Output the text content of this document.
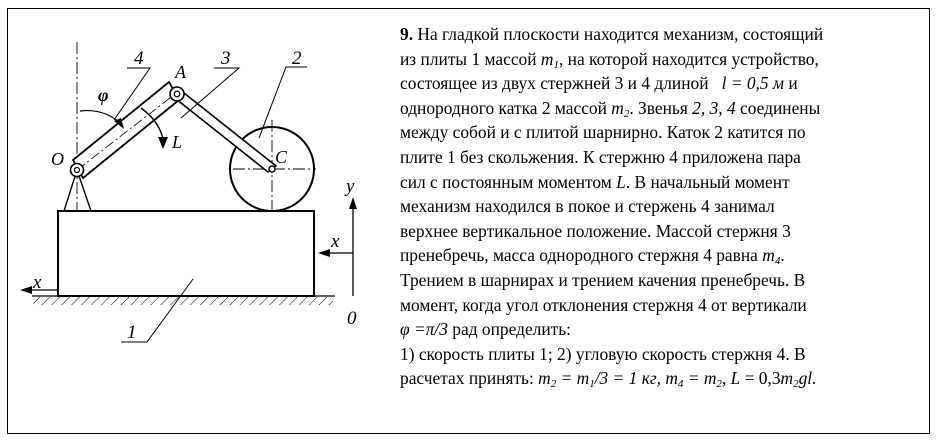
4	3	2
A
φ
O	C
L
y
x
x
1
0
9. На гладкой плоскости находится механизм, состоящий
из плиты 1 массой $m_1$, на которой находится устройство,
состоящее из двух стержней 3 и 4 длиной l = 0,5 м и
однородного катка 2 массой $m_2$. Звенья 2, 3, 4 соединены
между собой и с плитой шарнирно. Каток 2 катится по
плите 1 без скольжения. К стержню 4 приложена пара
сил с постоянным моментом L. В начальный момент
механизм находился в покое и стержень 4 занимал
верхнее вертикальное положение. Массой стержня 3
пренебречь, масса однородного стержня 4 равна $m_4$.
Трением в шарнирах и трением качения пренебречь. В
момент, когда угол отклонения стержня 4 от вертикали
φ =π/3 рад определить:
1) скорость плиты 1; 2) угловую скорость стержня 4. В
расчетах принять: $m_2 = m_1/3 = 1$ кг, $m_4 = m_2$, $L = 0,3m_2gl$.
